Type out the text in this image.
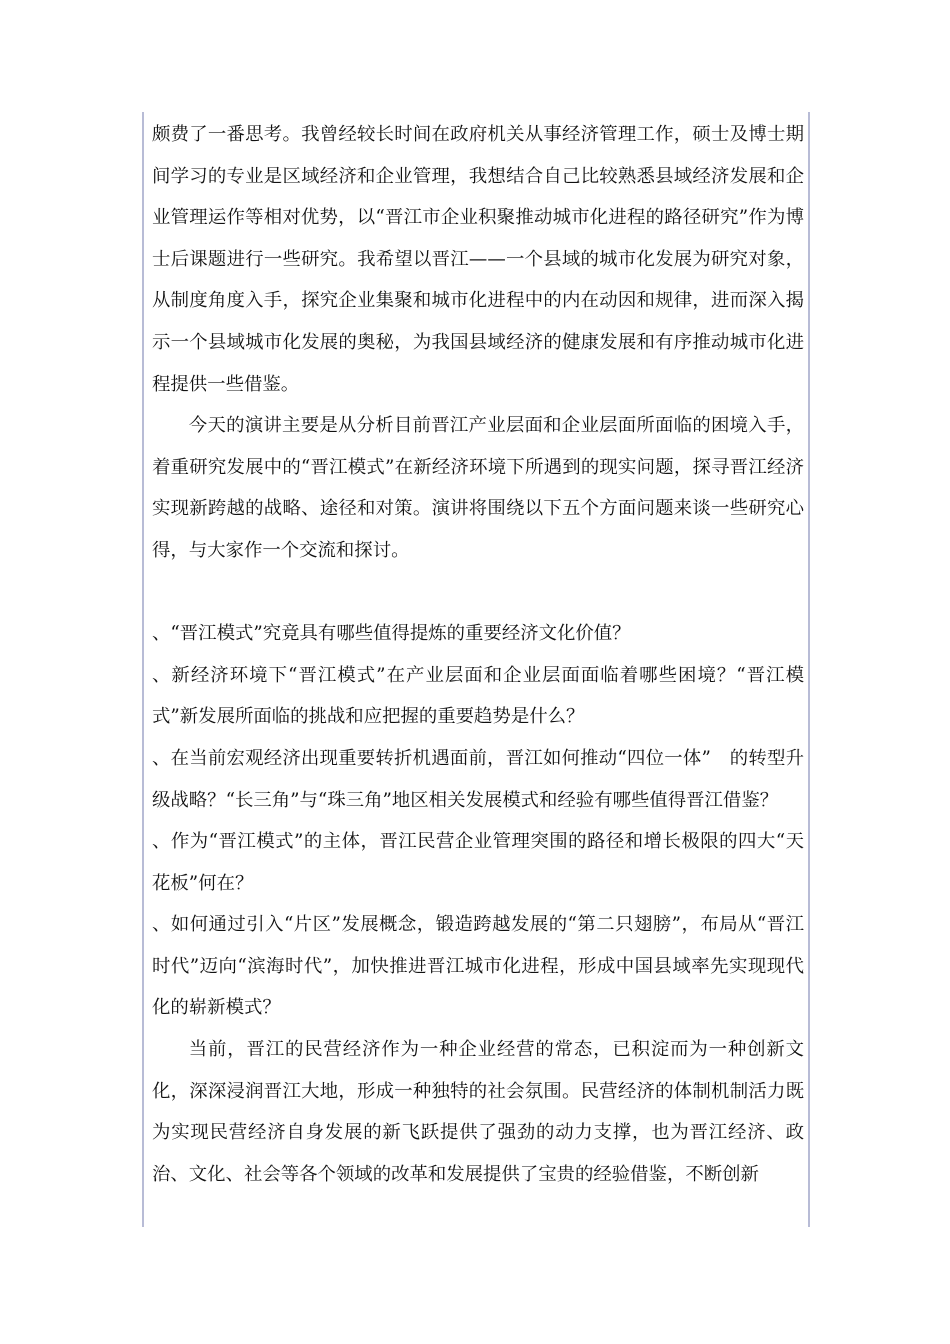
颇费了一番思考。我曾经较长时间在政府机关从事经济管理工作，硕士及博士期间学习的专业是区域经济和企业管理，我想结合自己比较熟悉县域经济发展和企业管理运作等相对优势，以“晋江市企业积聚推动城市化进程的路径研究”作为博士后课题进行一些研究。我希望以晋江——一个县域的城市化发展为研究对象，从制度角度入手，探究企业集聚和城市化进程中的内在动因和规律，进而深入揭示一个县域城市化发展的奥秘，为我国县域经济的健康发展和有序推动城市化进程提供一些借鉴。

今天的演讲主要是从分析目前晋江产业层面和企业层面所面临的困境入手，着重研究发展中的“晋江模式”在新经济环境下所遇到的现实问题，探寻晋江经济实现新跨越的战略、途径和对策。演讲将围绕以下五个方面问题来谈一些研究心得，与大家作一个交流和探讨。

、“晋江模式”究竟具有哪些值得提炼的重要经济文化价值？

、新经济环境下“晋江模式”在产业层面和企业层面面临着哪些困境？“晋江模式”新发展所面临的挑战和应把握的重要趋势是什么？

、在当前宏观经济出现重要转折机遇面前，晋江如何推动“四位一体”　的转型升级战略？“长三角”与“珠三角”地区相关发展模式和经验有哪些值得晋江借鉴？

、作为“晋江模式”的主体，晋江民营企业管理突围的路径和增长极限的四大“天花板”何在？

、如何通过引入“片区”发展概念，锻造跨越发展的“第二只翅膀”，布局从“晋江时代”迈向“滨海时代”，加快推进晋江城市化进程，形成中国县域率先实现现代化的崭新模式？

当前，晋江的民营经济作为一种企业经营的常态，已积淀而为一种创新文化，深深浸润晋江大地，形成一种独特的社会氛围。民营经济的体制机制活力既为实现民营经济自身发展的新飞跃提供了强劲的动力支撑，也为晋江经济、政治、文化、社会等各个领域的改革和发展提供了宝贵的经验借鉴，不断创新
